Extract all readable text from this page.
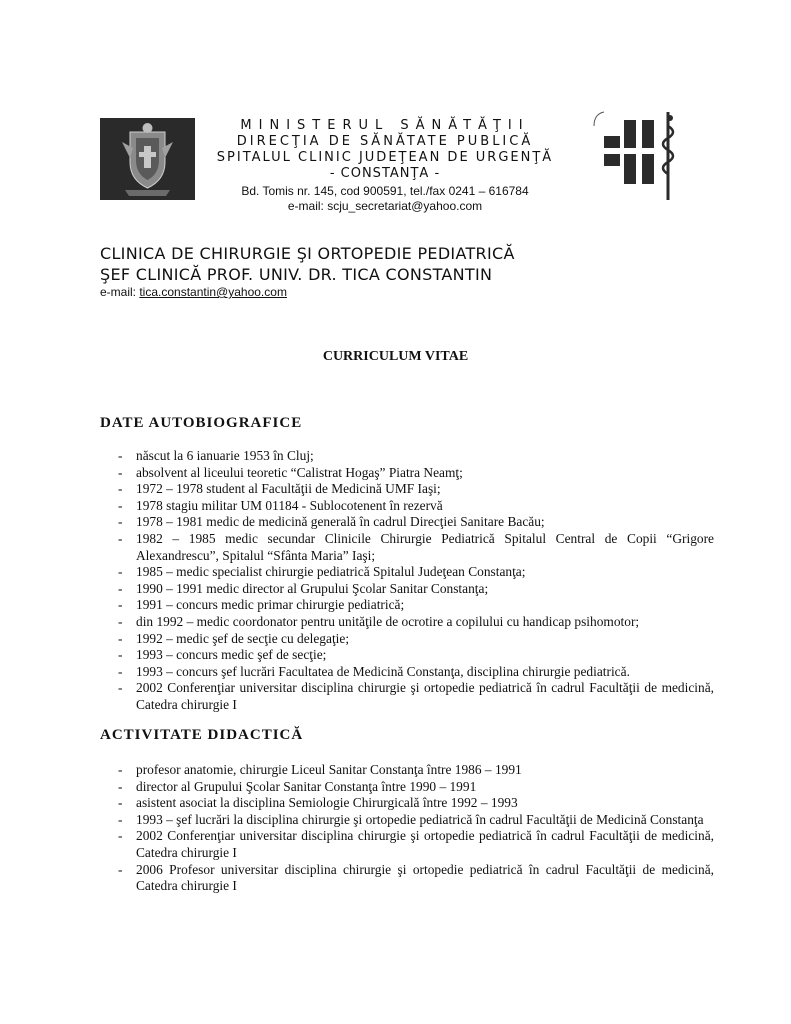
MINISTERUL SĂNĂTĂŢII
DIRECŢIA DE SĂNĂTATE PUBLICĂ
SPITALUL CLINIC JUDEŢEAN DE URGENŢĂ
- CONSTANŢA -
Bd. Tomis nr. 145, cod 900591, tel./fax 0241 – 616784
e-mail: scju_secretariat@yahoo.com
CLINICA DE CHIRURGIE ŞI ORTOPEDIE PEDIATRICĂ
ŞEF CLINICĂ PROF. UNIV. DR. TICA CONSTANTIN
e-mail: tica.constantin@yahoo.com
CURRICULUM VITAE
DATE AUTOBIOGRAFICE
- născut la 6 ianuarie 1953 în Cluj;
- absolvent al liceului teoretic “Calistrat Hogaş” Piatra Neamţ;
- 1972 – 1978 student al Facultăţii de Medicină UMF Iaşi;
- 1978 stagiu militar UM 01184 - Sublocotenent în rezervă
- 1978 – 1981 medic de medicină generală în cadrul Direcţiei Sanitare Bacău;
- 1982 – 1985 medic secundar Clinicile Chirurgie Pediatrică Spitalul Central de Copii “Grigore Alexandrescu”, Spitalul “Sfânta Maria” Iaşi;
- 1985 – medic specialist chirurgie pediatrică Spitalul Judeţean Constanţa;
- 1990 – 1991 medic director al Grupului Şcolar Sanitar Constanţa;
- 1991 – concurs medic primar chirurgie pediatrică;
- din 1992 – medic coordonator pentru unităţile de ocrotire a copilului cu handicap psihomotor;
- 1992 – medic şef de secţie cu delegaţie;
- 1993 – concurs medic şef de secţie;
- 1993 – concurs şef lucrări Facultatea de Medicină Constanţa, disciplina chirurgie pediatrică.
- 2002 Conferenţiar universitar disciplina chirurgie şi ortopedie pediatrică în cadrul Facultăţii de medicină, Catedra chirurgie I
ACTIVITATE DIDACTICĂ
- profesor anatomie, chirurgie Liceul Sanitar Constanţa între 1986 – 1991
- director al Grupului Şcolar Sanitar Constanţa între 1990 – 1991
- asistent asociat la disciplina Semiologie Chirurgicală între 1992 – 1993
- 1993 – şef lucrări la disciplina chirurgie şi ortopedie pediatrică în cadrul Facultăţii de Medicină Constanţa
- 2002 Conferenţiar universitar disciplina chirurgie şi ortopedie pediatrică în cadrul Facultăţii de medicină, Catedra chirurgie I
- 2006 Profesor universitar disciplina chirurgie şi ortopedie pediatrică în cadrul Facultăţii de medicină, Catedra chirurgie I
